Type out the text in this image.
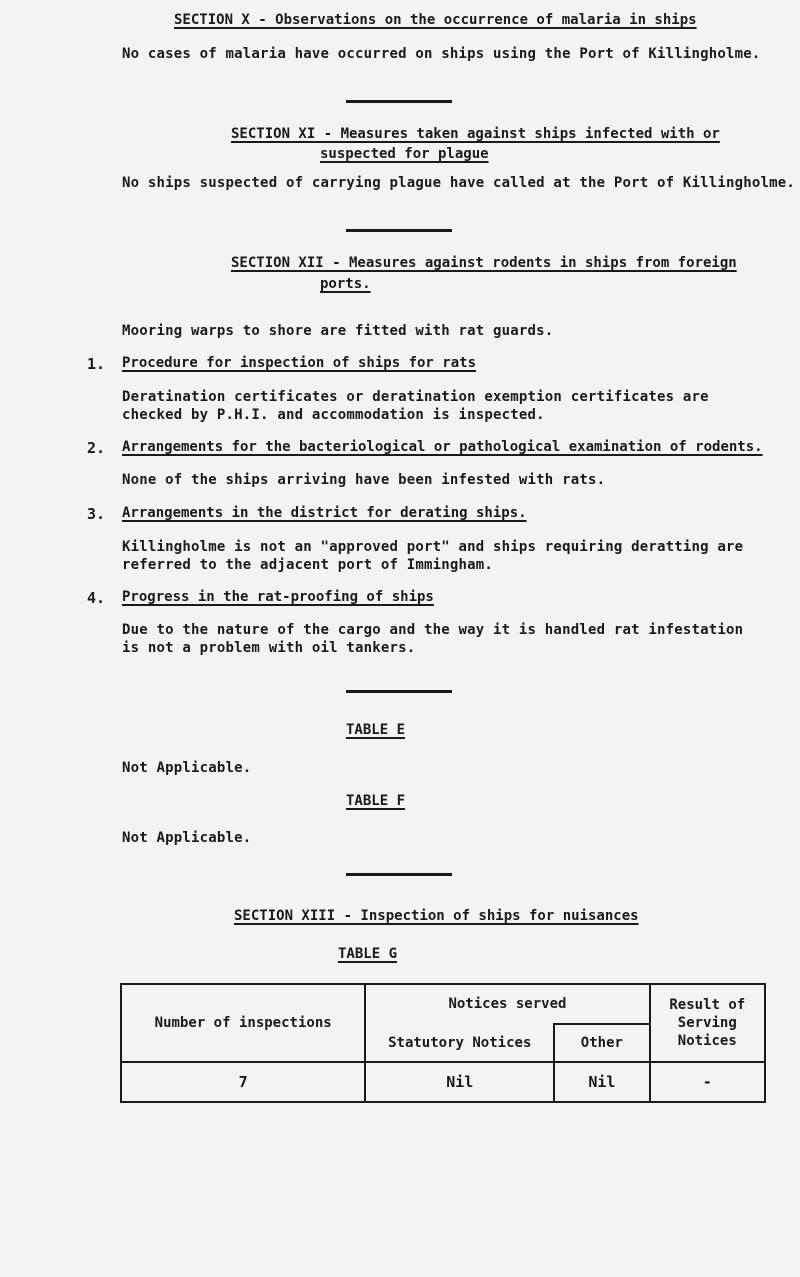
SECTION X - Observations on the occurrence of malaria in ships
No cases of malaria have occurred on ships using the Port of Killingholme.
SECTION XI - Measures taken against ships infected with or
suspected for plague
No ships suspected of carrying plague have called at the Port of Killingholme.
SECTION XII - Measures against rodents in ships from foreign
ports.
Mooring warps to shore are fitted with rat guards.
1. Procedure for inspection of ships for rats
Deratination certificates or deratination exemption certificates are
checked by P.H.I. and accommodation is inspected.
2. Arrangements for the bacteriological or pathological examination of rodents.
None of the ships arriving have been infested with rats.
3. Arrangements in the district for derating ships.
Killingholme is not an "approved port" and ships requiring deratting are
referred to the adjacent port of Immingham.
4. Progress in the rat-proofing of ships
Due to the nature of the cargo and the way it is handled rat infestation
is not a problem with oil tankers.
TABLE E
Not Applicable.
TABLE F
Not Applicable.
SECTION XIII - Inspection of ships for nuisances
TABLE G
Number of inspections	Notices served		Result of
Serving
Notices

	Statutory Notices	Other	
7	Nil	Nil	-
